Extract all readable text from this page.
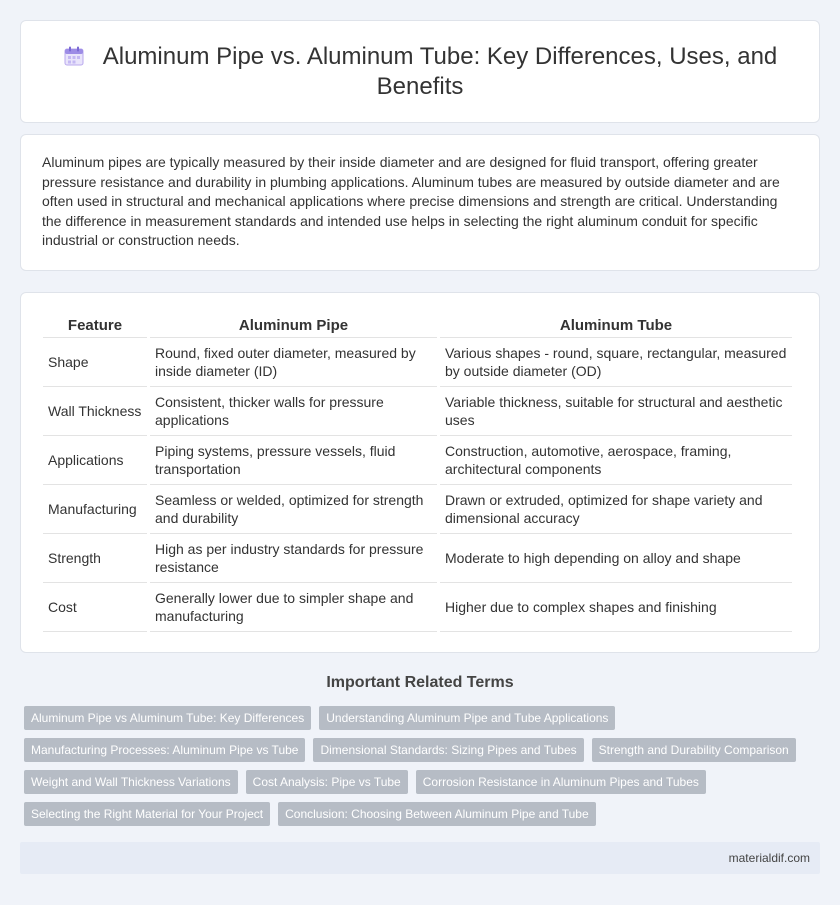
Aluminum Pipe vs. Aluminum Tube: Key Differences, Uses, and Benefits

Aluminum pipes are typically measured by their inside diameter and are designed for fluid transport, offering greater pressure resistance and durability in plumbing applications. Aluminum tubes are measured by outside diameter and are often used in structural and mechanical applications where precise dimensions and strength are critical. Understanding the difference in measurement standards and intended use helps in selecting the right aluminum conduit for specific industrial or construction needs.

Feature	Aluminum Pipe	Aluminum Tube
Shape	Round, fixed outer diameter, measured by inside diameter (ID)	Various shapes - round, square, rectangular, measured by outside diameter (OD)
Wall Thickness	Consistent, thicker walls for pressure applications	Variable thickness, suitable for structural and aesthetic uses
Applications	Piping systems, pressure vessels, fluid transportation	Construction, automotive, aerospace, framing, architectural components
Manufacturing	Seamless or welded, optimized for strength and durability	Drawn or extruded, optimized for shape variety and dimensional accuracy
Strength	High as per industry standards for pressure resistance	Moderate to high depending on alloy and shape
Cost	Generally lower due to simpler shape and manufacturing	Higher due to complex shapes and finishing
Important Related Terms
Aluminum Pipe vs Aluminum Tube: Key Differences	Understanding Aluminum Pipe and Tube Applications
Manufacturing Processes: Aluminum Pipe vs Tube	Dimensional Standards: Sizing Pipes and Tubes	Strength and Durability Comparison
Weight and Wall Thickness Variations	Cost Analysis: Pipe vs Tube	Corrosion Resistance in Aluminum Pipes and Tubes
Selecting the Right Material for Your Project	Conclusion: Choosing Between Aluminum Pipe and Tube
materialdif.com
